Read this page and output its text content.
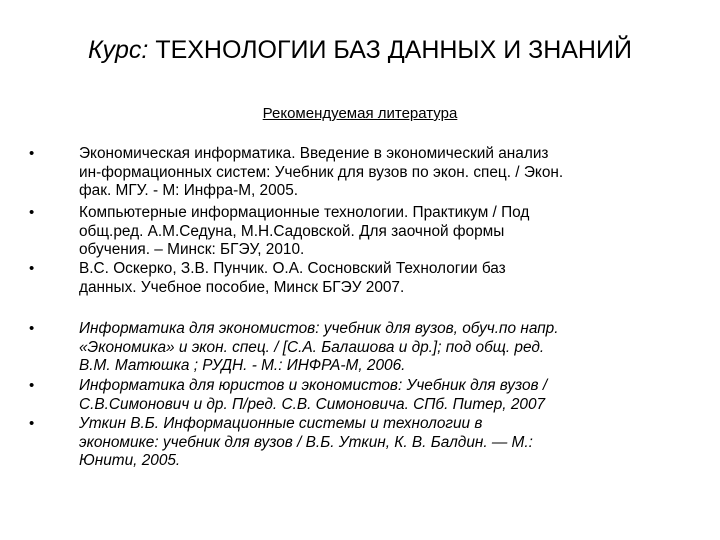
Курс: ТЕХНОЛОГИИ БАЗ ДАННЫХ И ЗНАНИЙ
Рекомендуемая литература
•	Экономическая информатика. Введение в экономический анализ
ин-формационных систем: Учебник для вузов по экон. спец. / Экон.
фак. МГУ. - М: Инфра-М, 2005.
•	Компьютерные информационные технологии. Практикум / Под
общ.ред. А.М.Седуна, М.Н.Садовской. Для заочной формы
обучения. – Минск: БГЭУ, 2010.
•	В.С. Оскерко, З.В. Пунчик. О.А. Сосновский Технологии баз
данных. Учебное пособие, Минск БГЭУ 2007.
•	Информатика для экономистов: учебник для вузов, обуч.по напр.
«Экономика» и экон. спец. / [С.А. Балашова и др.]; под общ. ред.
В.М. Матюшка ; РУДН. - М.: ИНФРА-М, 2006.
•	Информатика для юристов и экономистов: Учебник для вузов /
С.В.Симонович и др. П/ред. С.В. Симоновича. СПб. Питер, 2007
•	Уткин В.Б. Информационные системы и технологии в
экономике: учебник для вузов / В.Б. Уткин, К. В. Балдин. — М.:
Юнити, 2005.
